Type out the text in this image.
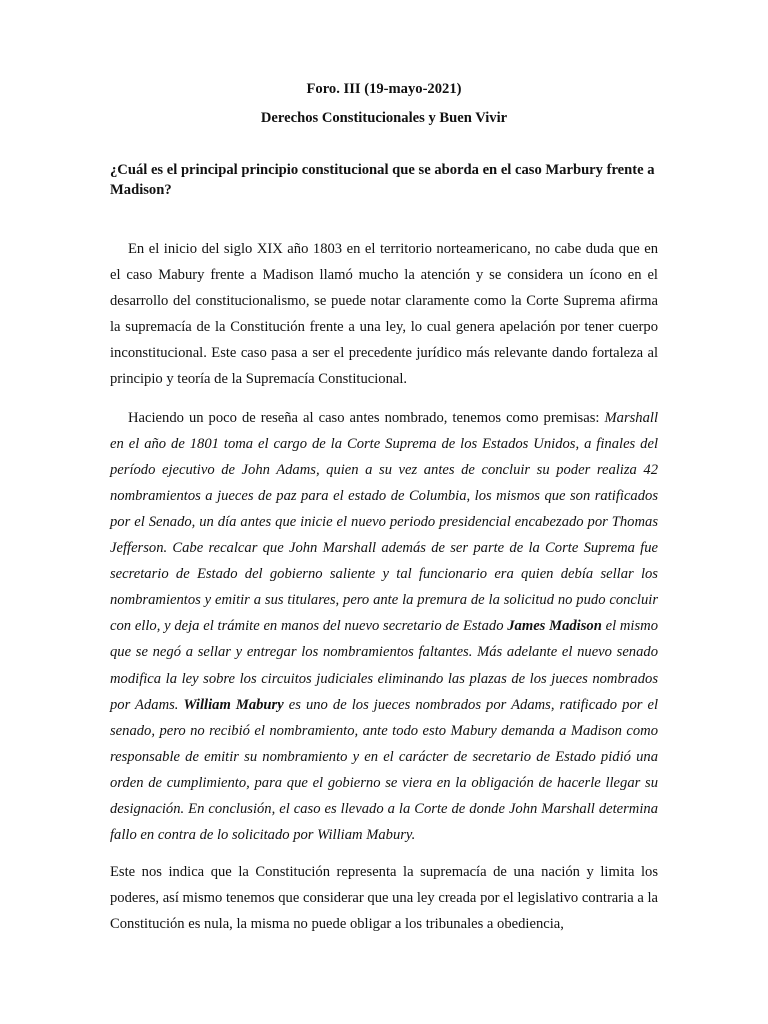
Foro. III (19-mayo-2021)

Derechos Constitucionales y Buen Vivir

¿Cuál es el principal principio constitucional que se aborda en el caso Marbury frente a Madison?

En el inicio del siglo XIX año 1803 en el territorio norteamericano, no cabe duda que en el caso Mabury frente a Madison llamó mucho la atención y se considera un ícono en el desarrollo del constitucionalismo, se puede notar claramente como la Corte Suprema afirma la supremacía de la Constitución frente a una ley, lo cual genera apelación por tener cuerpo inconstitucional. Este caso pasa a ser el precedente jurídico más relevante dando fortaleza al principio y teoría de la Supremacía Constitucional.

Haciendo un poco de reseña al caso antes nombrado, tenemos como premisas: Marshall en el año de 1801 toma el cargo de la Corte Suprema de los Estados Unidos, a finales del período ejecutivo de John Adams, quien a su vez antes de concluir su poder realiza 42 nombramientos a jueces de paz para el estado de Columbia, los mismos que son ratificados por el Senado, un día antes que inicie el nuevo periodo presidencial encabezado por Thomas Jefferson. Cabe recalcar que John Marshall además de ser parte de la Corte Suprema fue secretario de Estado del gobierno saliente y tal funcionario era quien debía sellar los nombramientos y emitir a sus titulares, pero ante la premura de la solicitud no pudo concluir con ello, y deja el trámite en manos del nuevo secretario de Estado James Madison el mismo que se negó a sellar y entregar los nombramientos faltantes. Más adelante el nuevo senado modifica la ley sobre los circuitos judiciales eliminando las plazas de los jueces nombrados por Adams. William Mabury es uno de los jueces nombrados por Adams, ratificado por el senado, pero no recibió el nombramiento, ante todo esto Mabury demanda a Madison como responsable de emitir su nombramiento y en el carácter de secretario de Estado pidió una orden de cumplimiento, para que el gobierno se viera en la obligación de hacerle llegar su designación. En conclusión, el caso es llevado a la Corte de donde John Marshall determina fallo en contra de lo solicitado por William Mabury.

Este nos indica que la Constitución representa la supremacía de una nación y limita los poderes, así mismo tenemos que considerar que una ley creada por el legislativo contraria a la Constitución es nula, la misma no puede obligar a los tribunales a obediencia,
